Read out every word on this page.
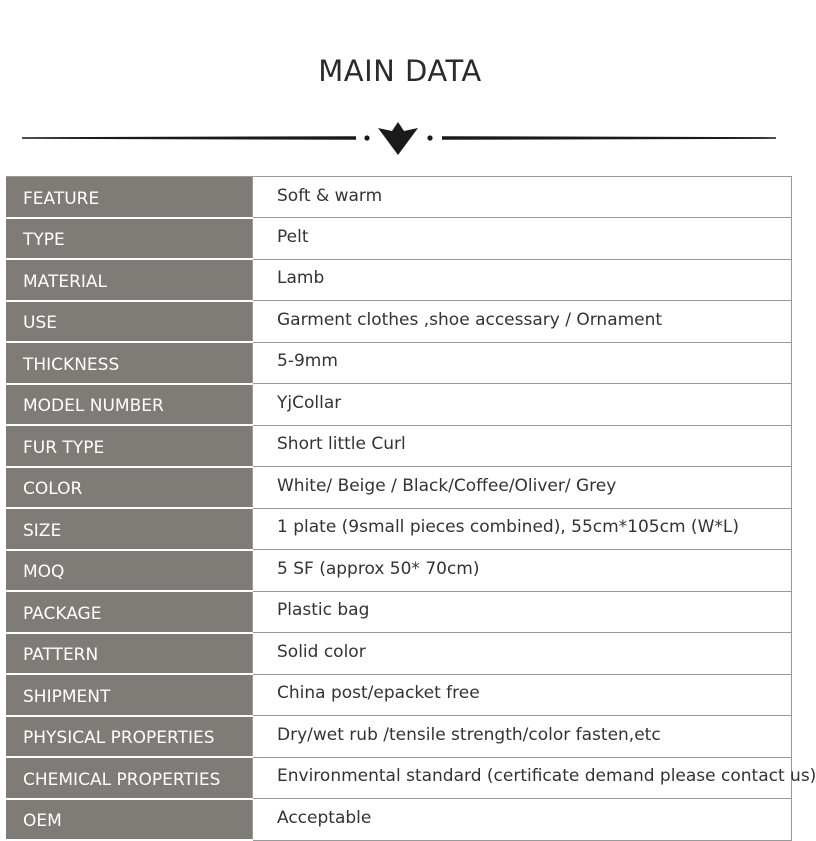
MAIN DATA
FEATURE	Soft & warm
TYPE	Pelt
MATERIAL	Lamb
USE	Garment clothes ,shoe accessary / Ornament
THICKNESS	5-9mm
MODEL NUMBER	YjCollar
FUR TYPE	Short little Curl
COLOR	White/ Beige / Black/Coffee/Oliver/ Grey
SIZE	1 plate (9small pieces combined), 55cm*105cm (W*L)
MOQ	5 SF (approx 50* 70cm)
PACKAGE	Plastic bag
PATTERN	Solid color
SHIPMENT	China post/epacket free
PHYSICAL PROPERTIES	Dry/wet rub /tensile strength/color fasten,etc
CHEMICAL PROPERTIES	Environmental standard (certificate demand please contact us)
OEM	Acceptable
